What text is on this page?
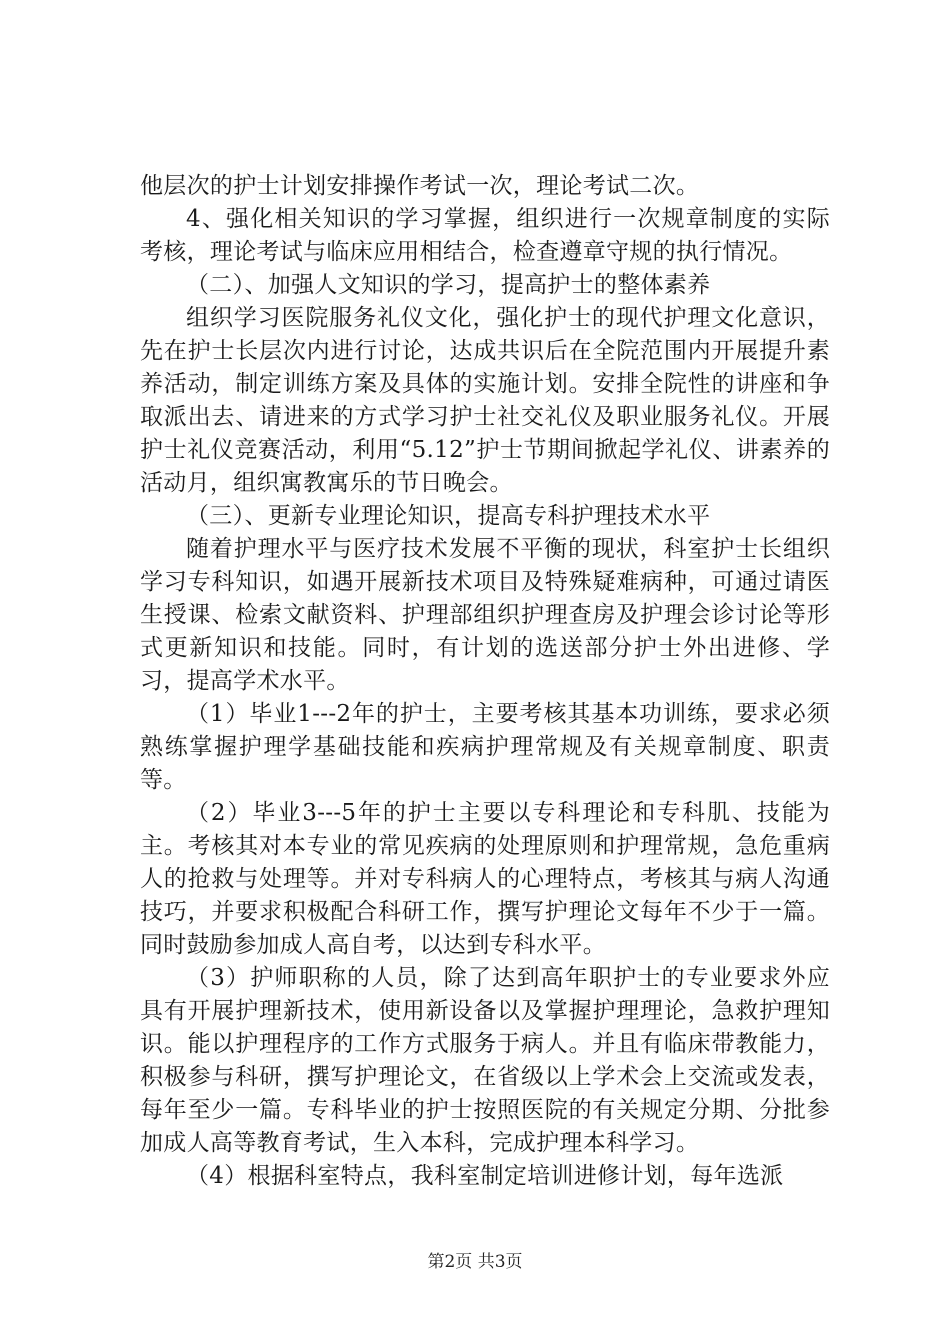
他层次的护士计划安排操作考试一次，理论考试二次。

4、强化相关知识的学习掌握，组织进行一次规章制度的实际考核，理论考试与临床应用相结合，检查遵章守规的执行情况。

（二）、加强人文知识的学习，提高护士的整体素养

组织学习医院服务礼仪文化，强化护士的现代护理文化意识，先在护士长层次内进行讨论，达成共识后在全院范围内开展提升素养活动，制定训练方案及具体的实施计划。安排全院性的讲座和争取派出去、请进来的方式学习护士社交礼仪及职业服务礼仪。开展护士礼仪竞赛活动，利用“5.12”护士节期间掀起学礼仪、讲素养的活动月，组织寓教寓乐的节日晚会。

（三）、更新专业理论知识，提高专科护理技术水平

随着护理水平与医疗技术发展不平衡的现状，科室护士长组织学习专科知识，如遇开展新技术项目及特殊疑难病种，可通过请医生授课、检索文献资料、护理部组织护理查房及护理会诊讨论等形式更新知识和技能。同时，有计划的选送部分护士外出进修、学习，提高学术水平。

（1）毕业1---2年的护士，主要考核其基本功训练，要求必须熟练掌握护理学基础技能和疾病护理常规及有关规章制度、职责等。

（2）毕业3---5年的护士主要以专科理论和专科肌、技能为主。考核其对本专业的常见疾病的处理原则和护理常规，急危重病人的抢救与处理等。并对专科病人的心理特点，考核其与病人沟通技巧，并要求积极配合科研工作，撰写护理论文每年不少于一篇。同时鼓励参加成人高自考，以达到专科水平。

（3）护师职称的人员，除了达到高年职护士的专业要求外应具有开展护理新技术，使用新设备以及掌握护理理论，急救护理知识。能以护理程序的工作方式服务于病人。并且有临床带教能力，积极参与科研，撰写护理论文，在省级以上学术会上交流或发表，每年至少一篇。专科毕业的护士按照医院的有关规定分期、分批参加成人高等教育考试，生入本科，完成护理本科学习。

（4）根据科室特点，我科室制定培训进修计划，每年选派

第2页 共3页
